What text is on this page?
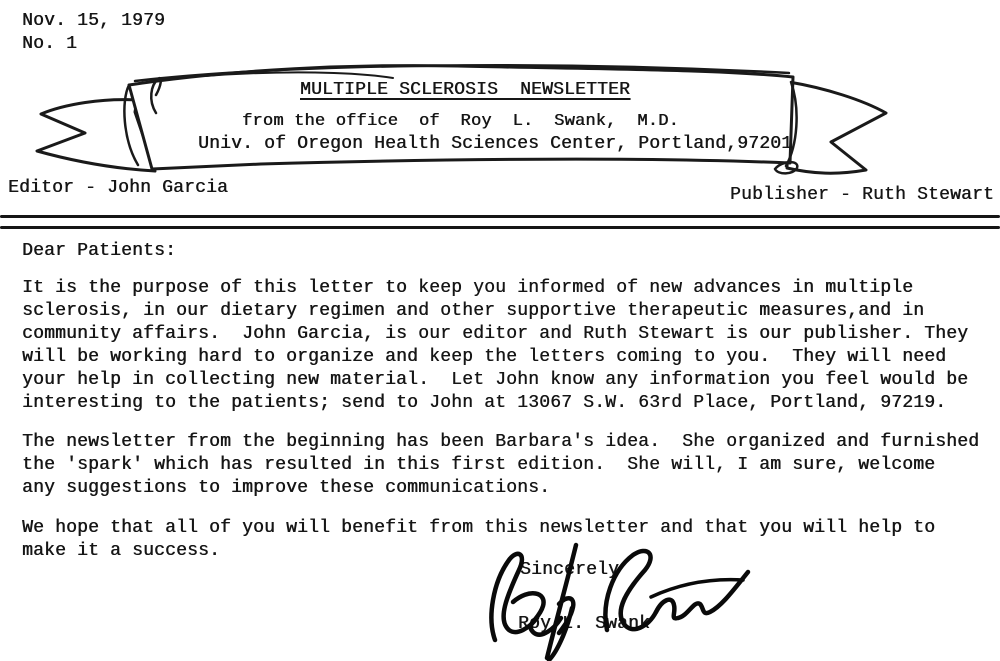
Nov. 15, 1979
No. 1
MULTIPLE SCLEROSIS  NEWSLETTER
from the office  of  Roy  L.  Swank,  M.D.
Univ. of Oregon Health Sciences Center, Portland,97201
Editor - John Garcia	Publisher - Ruth Stewart
Dear Patients:
It is the purpose of this letter to keep you informed of new advances in multiple
sclerosis, in our dietary regimen and other supportive therapeutic measures,and in
community affairs.  John Garcia, is our editor and Ruth Stewart is our publisher. They
will be working hard to organize and keep the letters coming to you.  They will need
your help in collecting new material.  Let John know any information you feel would be
interesting to the patients; send to John at 13067 S.W. 63rd Place, Portland, 97219.
The newsletter from the beginning has been Barbara's idea.  She organized and furnished
the 'spark' which has resulted in this first edition.  She will, I am sure, welcome
any suggestions to improve these communications.
We hope that all of you will benefit from this newsletter and that you will help to
make it a success.
Sincerely
Roy L. Swank
